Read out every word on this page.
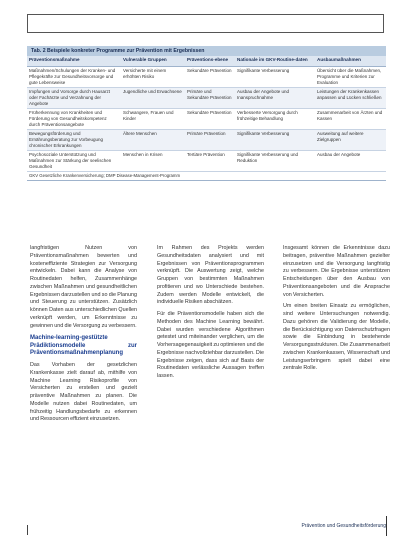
Tab. 2 Beispiele konkreter Programme zur Prävention mit Ergebnissen
Präventionsmaßnahme	Vulnerable Gruppen	Präventions-ebene	Nationale im GKV-Routine-daten	Ausbaumaßnahmen
Maßnahmen/Schulungen der Kranken- und Pflegekräfte zur Gesundheitsvorsorge und gute Lebensweise	Versicherte mit einem erhöhten Risiko	Sekundäre Prävention	Signifikante Verbesserung	Übersicht über die Maßnahmen, Programme und Kriterien zur Evaluation
Impfungen und Vorsorge durch Hausarzt oder Fachärzte und Verzahnung der Angebote	Jugendliche und Erwachsene	Primäre und Sekundäre Prävention	Ausbau der Angebote und Inanspruchnahme	Leistungen der Krankenkassen anpassen und Lücken schließen
Früherkennung von Krankheiten und Förderung von Gesundheitskompetenz durch Präventionsangebote	Schwangere, Frauen und Kinder	Sekundäre Prävention	Verbesserte Versorgung durch frühzeitige Behandlung	Zusammenarbeit von Ärzten und Kassen
Bewegungsförderung und Ernährungsberatung zur Vorbeugung chronischer Erkrankungen	Ältere Menschen	Primäre Prävention	Signifikante Verbesserung	Ausweitung auf weitere Zielgruppen
Psychosoziale Unterstützung und Maßnahmen zur Stärkung der seelischen Gesundheit	Menschen in Krisen	Tertiäre Prävention	Signifikante Verbesserung und Reduktion	Ausbau der Angebote
GKV Gesetzliche Krankenversicherung; DMP Disease-Management-Programm

langfristigen Nutzen von Präventionsmaßnahmen bewerten und kosteneffiziente Strategien zur Versorgung entwickeln. Dabei kann die Analyse von Routinedaten helfen, Zusammenhänge zwischen Maßnahmen und gesundheitlichen Ergebnissen darzustellen und so die Planung und Steuerung zu unterstützen. Zusätzlich können Daten aus unterschiedlichen Quellen verknüpft werden, um Erkenntnisse zu gewinnen und die Versorgung zu verbessern.

Machine-learning-gestützte Prädiktionsmodelle zur Präventionsmaßnahmenplanung

Das Vorhaben der gesetzlichen Krankenkasse zielt darauf ab, mithilfe von Machine Learning Risikoprofile von Versicherten zu erstellen und gezielt präventive Maßnahmen zu planen. Die Modelle nutzen dabei Routinedaten, um frühzeitig Handlungsbedarfe zu erkennen und Ressourcen effizient einzusetzen.

Im Rahmen des Projekts werden Gesundheitsdaten analysiert und mit Ergebnissen von Präventionsprogrammen verknüpft. Die Auswertung zeigt, welche Gruppen von bestimmten Maßnahmen profitieren und wo Unterschiede bestehen. Zudem werden Modelle entwickelt, die individuelle Risiken abschätzen.

Für die Präventionsmodelle haben sich die Methoden des Machine Learning bewährt. Dabei wurden verschiedene Algorithmen getestet und miteinander verglichen, um die Vorhersagegenauigkeit zu optimieren und die Ergebnisse nachvollziehbar darzustellen. Die Ergebnisse zeigen, dass sich auf Basis der Routinedaten verlässliche Aussagen treffen lassen.

Insgesamt können die Erkenntnisse dazu beitragen, präventive Maßnahmen gezielter einzusetzen und die Versorgung langfristig zu verbessern. Die Ergebnisse unterstützen Entscheidungen über den Ausbau von Präventionsangeboten und die Ansprache von Versicherten.

Um einen breiten Einsatz zu ermöglichen, sind weitere Untersuchungen notwendig. Dazu gehören die Validierung der Modelle, die Berücksichtigung von Datenschutzfragen sowie die Einbindung in bestehende Versorgungsstrukturen. Die Zusammenarbeit zwischen Krankenkassen, Wissenschaft und Leistungserbringern spielt dabei eine zentrale Rolle.

Prävention und Gesundheitsförderung
